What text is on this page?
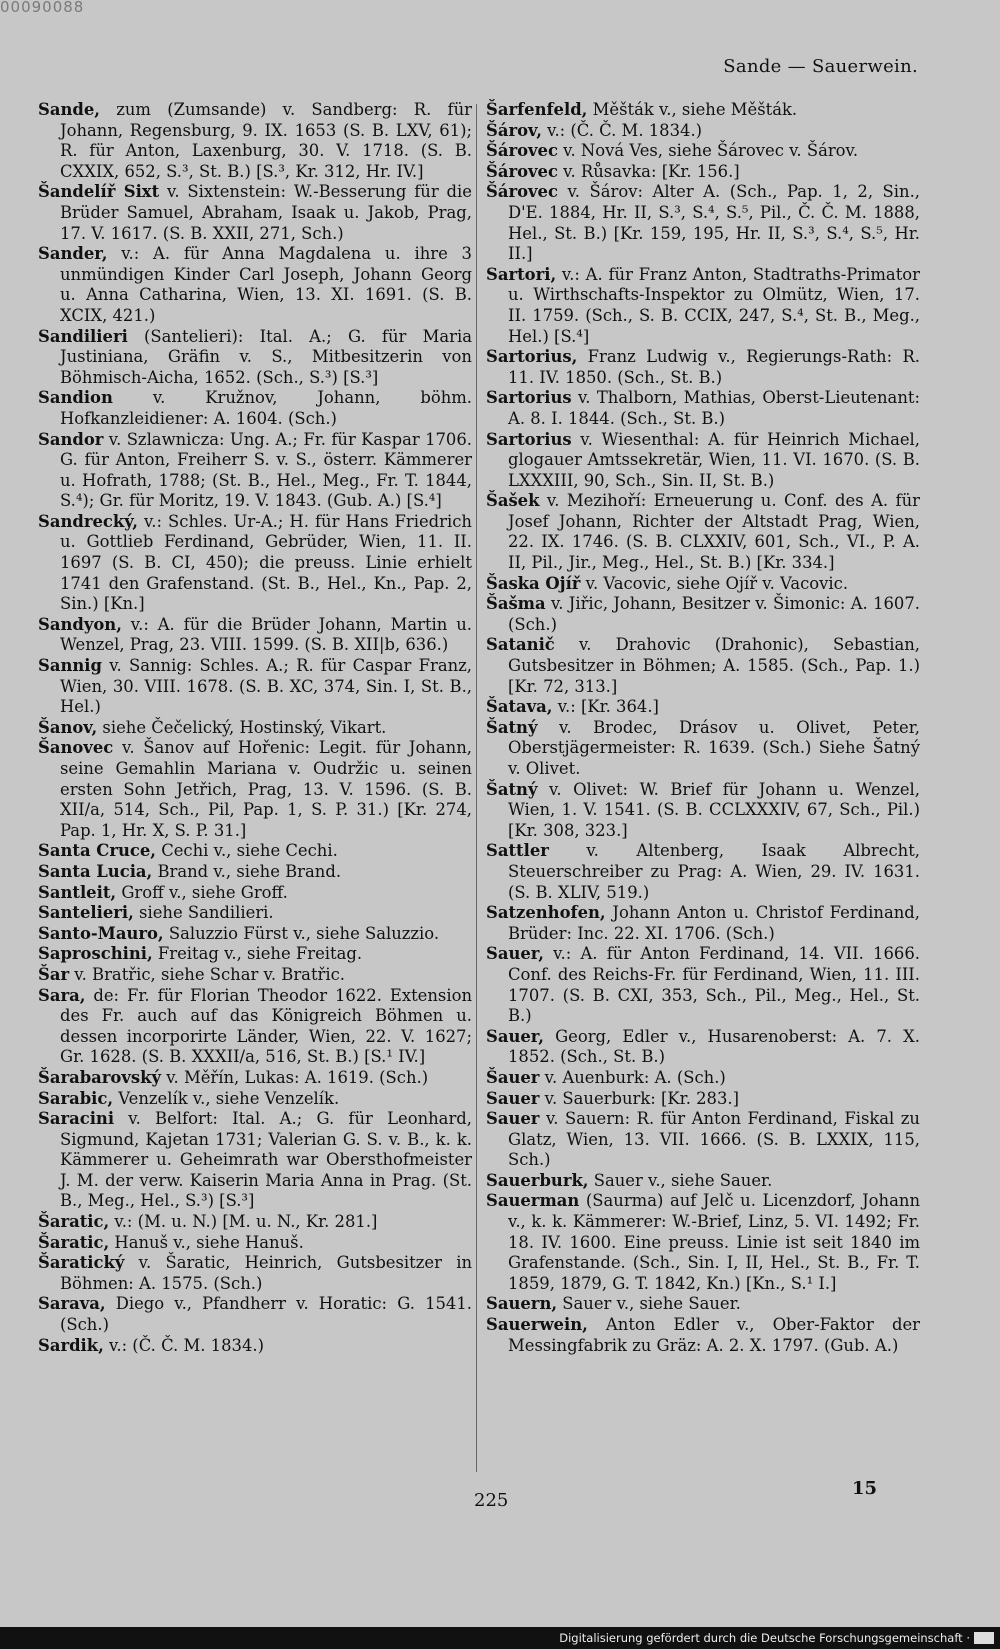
00090088
Sande — Sauerwein.

Sande, zum (Zumsande) v. Sandberg: R. für Johann, Regensburg, 9. IX. 1653 (S. B. LXV, 61); R. für Anton, Laxenburg, 30. V. 1718. (S. B. CXXIX, 652, S.³, St. B.) [S.³, Kr. 312, Hr. IV.]

Šandelíř Sixt v. Sixtenstein: W.-Besserung für die Brüder Samuel, Abraham, Isaak u. Jakob, Prag, 17. V. 1617. (S. B. XXII, 271, Sch.)

Sander, v.: A. für Anna Magdalena u. ihre 3 unmündigen Kinder Carl Joseph, Johann Georg u. Anna Catharina, Wien, 13. XI. 1691. (S. B. XCIX, 421.)

Sandilieri (Santelieri): Ital. A.; G. für Maria Justiniana, Gräfin v. S., Mitbesitzerin von Böhmisch-Aicha, 1652. (Sch., S.³) [S.³]

Sandion v. Kružnov, Johann, böhm. Hofkanzleidiener: A. 1604. (Sch.)

Sandor v. Szlawnicza: Ung. A.; Fr. für Kaspar 1706. G. für Anton, Freiherr S. v. S., österr. Kämmerer u. Hofrath, 1788; (St. B., Hel., Meg., Fr. T. 1844, S.⁴); Gr. für Moritz, 19. V. 1843. (Gub. A.) [S.⁴]

Sandrecký, v.: Schles. Ur-A.; H. für Hans Friedrich u. Gottlieb Ferdinand, Gebrüder, Wien, 11. II. 1697 (S. B. CI, 450); die preuss. Linie erhielt 1741 den Grafenstand. (St. B., Hel., Kn., Pap. 2, Sin.) [Kn.]

Sandyon, v.: A. für die Brüder Johann, Martin u. Wenzel, Prag, 23. VIII. 1599. (S. B. XII|b, 636.)

Sannig v. Sannig: Schles. A.; R. für Caspar Franz, Wien, 30. VIII. 1678. (S. B. XC, 374, Sin. I, St. B., Hel.)

Šanov, siehe Čečelický, Hostinský, Vikart.

Šanovec v. Šanov auf Hořenic: Legit. für Johann, seine Gemahlin Mariana v. Oudržic u. seinen ersten Sohn Jetřich, Prag, 13. V. 1596. (S. B. XII/a, 514, Sch., Pil, Pap. 1, S. P. 31.) [Kr. 274, Pap. 1, Hr. X, S. P. 31.]

Santa Cruce, Cechi v., siehe Cechi.

Santa Lucia, Brand v., siehe Brand.

Santleit, Groff v., siehe Groff.

Santelieri, siehe Sandilieri.

Santo-Mauro, Saluzzio Fürst v., siehe Saluzzio.

Saproschini, Freitag v., siehe Freitag.

Šar v. Bratřic, siehe Schar v. Bratřic.

Sara, de: Fr. für Florian Theodor 1622. Extension des Fr. auch auf das Königreich Böhmen u. dessen incorporirte Länder, Wien, 22. V. 1627; Gr. 1628. (S. B. XXXII/a, 516, St. B.) [S.¹ IV.]

Šarabarovský v. Měřín, Lukas: A. 1619. (Sch.)

Sarabic, Venzelík v., siehe Venzelík.

Saracini v. Belfort: Ital. A.; G. für Leonhard, Sigmund, Kajetan 1731; Valerian G. S. v. B., k. k. Kämmerer u. Geheimrath war Obersthofmeister J. M. der verw. Kaiserin Maria Anna in Prag. (St. B., Meg., Hel., S.³) [S.³]

Šaratic, v.: (M. u. N.) [M. u. N., Kr. 281.]

Šaratic, Hanuš v., siehe Hanuš.

Šaratický v. Šaratic, Heinrich, Gutsbesitzer in Böhmen: A. 1575. (Sch.)

Sarava, Diego v., Pfandherr v. Horatic: G. 1541. (Sch.)

Sardik, v.: (Č. Č. M. 1834.)

Šarfenfeld, Měšták v., siehe Měšták.

Šárov, v.: (Č. Č. M. 1834.)

Šárovec v. Nová Ves, siehe Šárovec v. Šárov.

Šárovec v. Růsavka: [Kr. 156.]

Šárovec v. Šárov: Alter A. (Sch., Pap. 1, 2, Sin., D'E. 1884, Hr. II, S.³, S.⁴, S.⁵, Pil., Č. Č. M. 1888, Hel., St. B.) [Kr. 159, 195, Hr. II, S.³, S.⁴, S.⁵, Hr. II.]

Sartori, v.: A. für Franz Anton, Stadtraths-Primator u. Wirthschafts-Inspektor zu Olmütz, Wien, 17. II. 1759. (Sch., S. B. CCIX, 247, S.⁴, St. B., Meg., Hel.) [S.⁴]

Sartorius, Franz Ludwig v., Regierungs-Rath: R. 11. IV. 1850. (Sch., St. B.)

Sartorius v. Thalborn, Mathias, Oberst-Lieutenant: A. 8. I. 1844. (Sch., St. B.)

Sartorius v. Wiesenthal: A. für Heinrich Michael, glogauer Amtssekretär, Wien, 11. VI. 1670. (S. B. LXXXIII, 90, Sch., Sin. II, St. B.)

Šašek v. Mezihoří: Erneuerung u. Conf. des A. für Josef Johann, Richter der Altstadt Prag, Wien, 22. IX. 1746. (S. B. CLXXIV, 601, Sch., VI., P. A. II, Pil., Jir., Meg., Hel., St. B.) [Kr. 334.]

Šaska Ojíř v. Vacovic, siehe Ojíř v. Vacovic.

Šašma v. Jiřic, Johann, Besitzer v. Šimonic: A. 1607. (Sch.)

Satanič v. Drahovic (Drahonic), Sebastian, Gutsbesitzer in Böhmen; A. 1585. (Sch., Pap. 1.) [Kr. 72, 313.]

Šatava, v.: [Kr. 364.]

Šatný v. Brodec, Drásov u. Olivet, Peter, Oberstjägermeister: R. 1639. (Sch.) Siehe Šatný v. Olivet.

Šatný v. Olivet: W. Brief für Johann u. Wenzel, Wien, 1. V. 1541. (S. B. CCLXXXIV, 67, Sch., Pil.) [Kr. 308, 323.]

Sattler v. Altenberg, Isaak Albrecht, Steuerschreiber zu Prag: A. Wien, 29. IV. 1631. (S. B. XLIV, 519.)

Satzenhofen, Johann Anton u. Christof Ferdinand, Brüder: Inc. 22. XI. 1706. (Sch.)

Sauer, v.: A. für Anton Ferdinand, 14. VII. 1666. Conf. des Reichs-Fr. für Ferdinand, Wien, 11. III. 1707. (S. B. CXI, 353, Sch., Pil., Meg., Hel., St. B.)

Sauer, Georg, Edler v., Husarenoberst: A. 7. X. 1852. (Sch., St. B.)

Šauer v. Auenburk: A. (Sch.)

Sauer v. Sauerburk: [Kr. 283.]

Sauer v. Sauern: R. für Anton Ferdinand, Fiskal zu Glatz, Wien, 13. VII. 1666. (S. B. LXXIX, 115, Sch.)

Sauerburk, Sauer v., siehe Sauer.

Sauerman (Saurma) auf Jelč u. Licenzdorf, Johann v., k. k. Kämmerer: W.-Brief, Linz, 5. VI. 1492; Fr. 18. IV. 1600. Eine preuss. Linie ist seit 1840 im Grafenstande. (Sch., Sin. I, II, Hel., St. B., Fr. T. 1859, 1879, G. T. 1842, Kn.) [Kn., S.¹ I.]

Sauern, Sauer v., siehe Sauer.

Sauerwein, Anton Edler v., Ober-Faktor der Messingfabrik zu Gräz: A. 2. X. 1797. (Gub. A.)

225
15
Digitalisierung gefördert durch die Deutsche Forschungsgemeinschaft ·
